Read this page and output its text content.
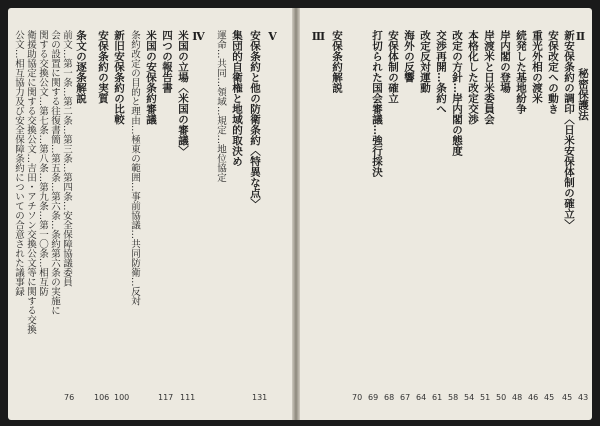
Ⅴ
安保条約と他の防衛条約〈特異な点〉
集団的自衛権と地域的取決め
運命…共同…領域…規定…地位協定
131
Ⅳ
米国の立場〈米国の審議〉
四つの報告書
米国の安保条約審議
条約改定の目的と理由…極東の範囲…事前協議…共同防衛…反対
新旧安保条約の比較
安保条約の実質
111
117
100
106
条文の逐条解説
前文…第一条…第二条…第三条…第四条…安全保障協議委員
会の設置に関する往復書簡…第五条…第六条…条約第六条の実施に
関する交換公文…第七条…第八条…第九条…第一〇条…相互防
衛援助協定に関する交換公文…吉田・アチソン交換公文等に関する交換
公文…相互協力及び安全保障条約についての合意された議事録
76
Ⅲ 安保条約解説
70
打切られた国会審議…強行採決 安保体制の確立 海外の反響 改定反対運動 交渉再開…条約へ 改定の方針…岸内閣の態度 本格化した改定交渉 岸渡米と日米委員会 岸内閣の登場 続発した基地紛争 重光外相の渡米 安保改定への動き
69 68 67 64 61 58 54 51 50 48 46 45
Ⅱ
新安保条約の調印〈日米安保体制の確立〉 秘密保護法
45 43
